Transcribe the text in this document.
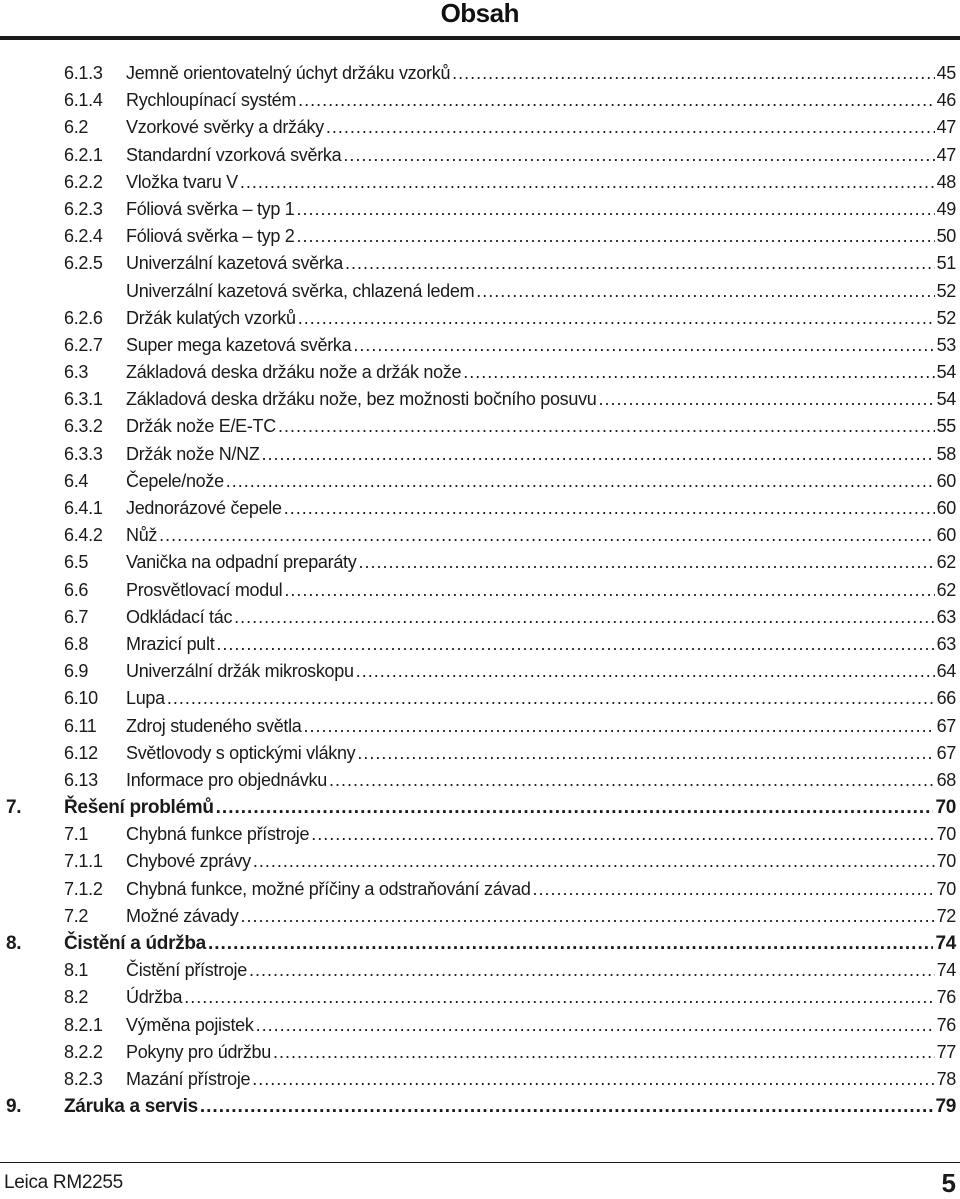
Obsah
6.1.3 Jemně orientovatelný úchyt držáku vzorků .....	45
6.1.4 Rychloupínací systém .....	46
6.2 Vzorkové svěrky a držáky .....	47
6.2.1 Standardní vzorková svěrka .....	47
6.2.2 Vložka tvaru V .....	48
6.2.3 Fóliová svěrka – typ 1 .....	49
6.2.4 Fóliová svěrka – typ 2 .....	50
6.2.5 Univerzální kazetová svěrka .....	51
Univerzální kazetová svěrka, chlazená ledem .....	52
6.2.6 Držák kulatých vzorků .....	52
6.2.7 Super mega kazetová svěrka .....	53
6.3 Základová deska držáku nože a držák nože .....	54
6.3.1 Základová deska držáku nože, bez možnosti bočního posuvu .....	54
6.3.2 Držák nože E/E-TC .....	55
6.3.3 Držák nože N/NZ .....	58
6.4 Čepele/nože .....	60
6.4.1 Jednorázové čepele .....	60
6.4.2 Nůž .....	60
6.5 Vanička na odpadní preparáty .....	62
6.6 Prosvětlovací modul .....	62
6.7 Odkládací tác .....	63
6.8 Mrazicí pult .....	63
6.9 Univerzální držák mikroskopu .....	64
6.10 Lupa .....	66
6.11 Zdroj studeného světla .....	67
6.12 Světlovody s optickými vlákny .....	67
6.13 Informace pro objednávku .....	68
7. Řešení problémů .....	70
7.1 Chybná funkce přístroje .....	70
7.1.1 Chybové zprávy .....	70
7.1.2 Chybná funkce, možné příčiny a odstraňování závad .....	70
7.2 Možné závady .....	72
8. Čistění a údržba .....	74
8.1 Čistění přístroje .....	74
8.2 Údržba .....	76
8.2.1 Výměna pojistek .....	76
8.2.2 Pokyny pro údržbu .....	77
8.2.3 Mazání přístroje .....	78
9. Záruka a servis .....	79
Leica RM2255	5
